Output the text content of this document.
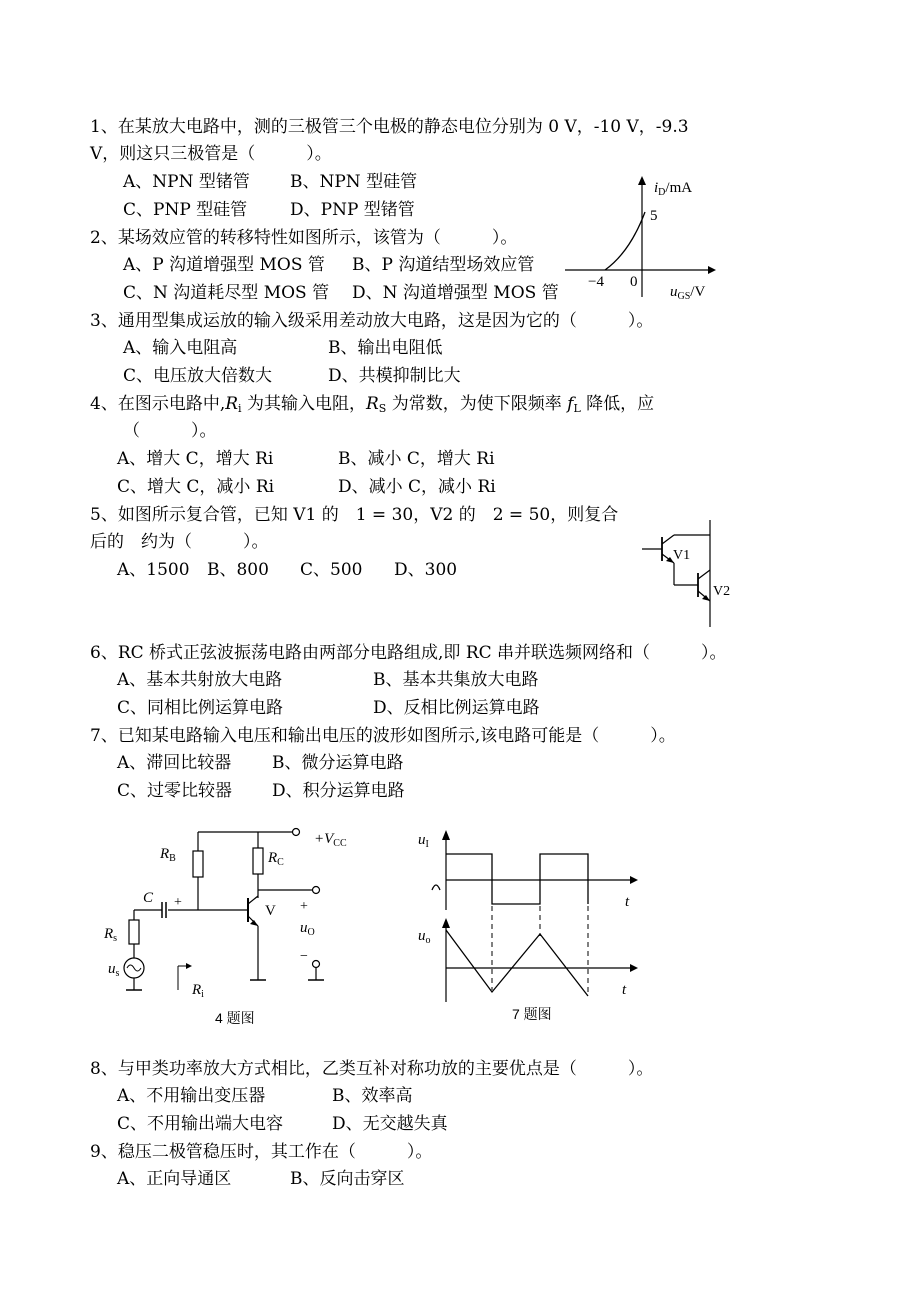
1、在某放大电路中，测的三极管三个电极的静态电位分别为 0 V，-10 V，-9.3
V，则这只三极管是（　　　）。
A、NPN 型锗管 B、NPN 型硅管
C、PNP 型硅管	D、PNP 型锗管
2、某场效应管的转移特性如图所示，该管为（　　　）。
A、P 沟道增强型 MOS 管 B、P 沟道结型场效应管
C、N 沟道耗尽型 MOS 管 D、N 沟道增强型 MOS 管
$i_D/mA$
5
−4 0
$u_{GS}/V$
3、通用型集成运放的输入级采用差动放大电路，这是因为它的（　　　）。
A、输入电阻高	B、输出电阻低
C、电压放大倍数大	D、共模抑制比大
4、在图示电路中$,R_i$ 为其输入电阻，$R_S$ 为常数，为使下限频率 $f_L$ 降低，应
（　　　）。
A、增大 C，增大 Ri	B、减小 C，增大 Ri
C、增大 C，减小 Ri	D、减小 C，减小 Ri
5、如图所示复合管，已知 V1 的　1 = 30，V2 的　2 = 50，则复合
后的　约为（　　　）。
A、1500 B、800 C、500 D、300
V1
V2
6、RC 桥式正弦波振荡电路由两部分电路组成,即 RC 串并联选频网络和（　　　）。
A、基本共射放大电路	B、基本共集放大电路
C、同相比例运算电路	D、反相比例运算电路
7、已知某电路输入电压和输出电压的波形如图所示,该电路可能是（　　　）。
A、滞回比较器 B、微分运算电路
C、过零比较器 D、积分运算电路
$+V_{CC}$
$R_B$	$R_C$
+
$u_O$
−
V
C +
$R_s$
$u_s$
$R_i$
4 题图
$u_I$
t
$u_o$
t
7 题图
8、与甲类功率放大方式相比，乙类互补对称功放的主要优点是（　　　）。
A、不用输出变压器	B、效率高
C、不用输出端大电容	D、无交越失真
9、稳压二极管稳压时，其工作在（　　　）。
A、正向导通区	B、反向击穿区
